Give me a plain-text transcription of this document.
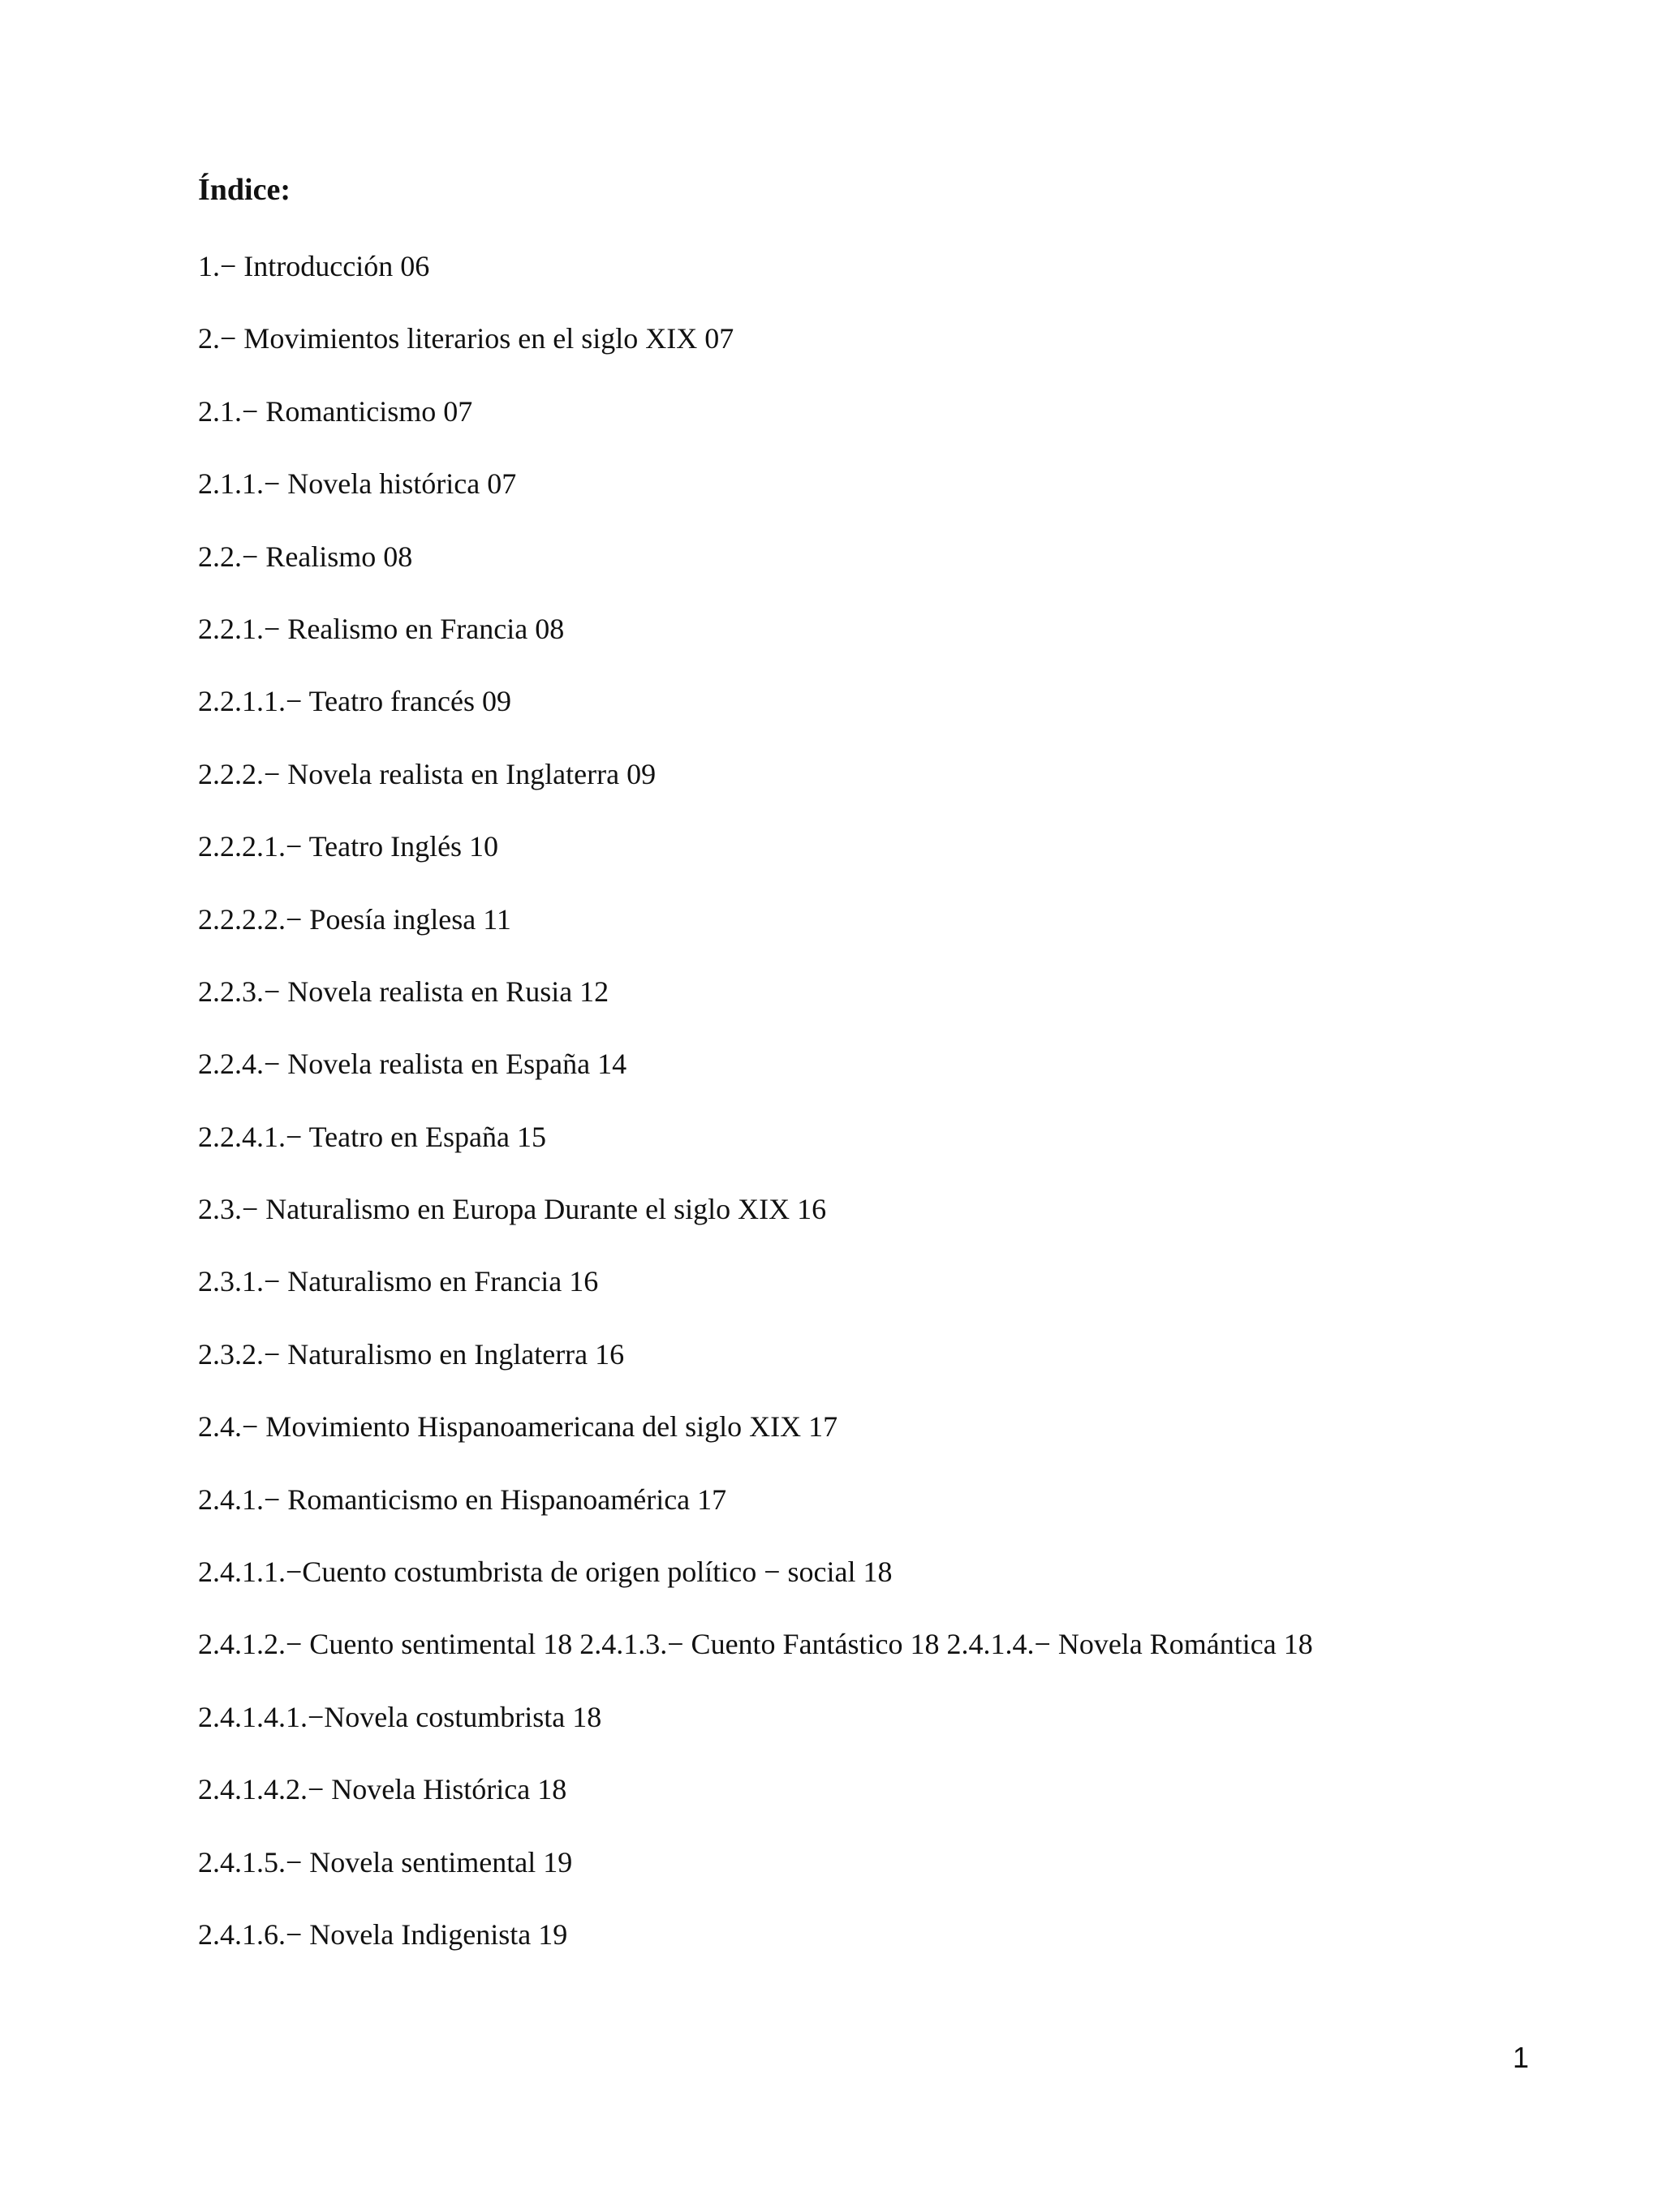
Índice:
1.− Introducción 06
2.− Movimientos literarios en el siglo XIX 07
2.1.− Romanticismo 07
2.1.1.− Novela histórica 07
2.2.− Realismo 08
2.2.1.− Realismo en Francia 08
2.2.1.1.− Teatro francés 09
2.2.2.− Novela realista en Inglaterra 09
2.2.2.1.− Teatro Inglés 10
2.2.2.2.− Poesía inglesa 11
2.2.3.− Novela realista en Rusia 12
2.2.4.− Novela realista en España 14
2.2.4.1.− Teatro en España 15
2.3.− Naturalismo en Europa Durante el siglo XIX 16
2.3.1.− Naturalismo en Francia 16
2.3.2.− Naturalismo en Inglaterra 16
2.4.− Movimiento Hispanoamericana del siglo XIX 17
2.4.1.− Romanticismo en Hispanoamérica 17
2.4.1.1.−Cuento costumbrista de origen político − social 18
2.4.1.2.− Cuento sentimental 18 2.4.1.3.− Cuento Fantástico 18 2.4.1.4.− Novela Romántica 18
2.4.1.4.1.−Novela costumbrista 18
2.4.1.4.2.− Novela Histórica 18
2.4.1.5.− Novela sentimental 19
2.4.1.6.− Novela Indigenista 19
1
